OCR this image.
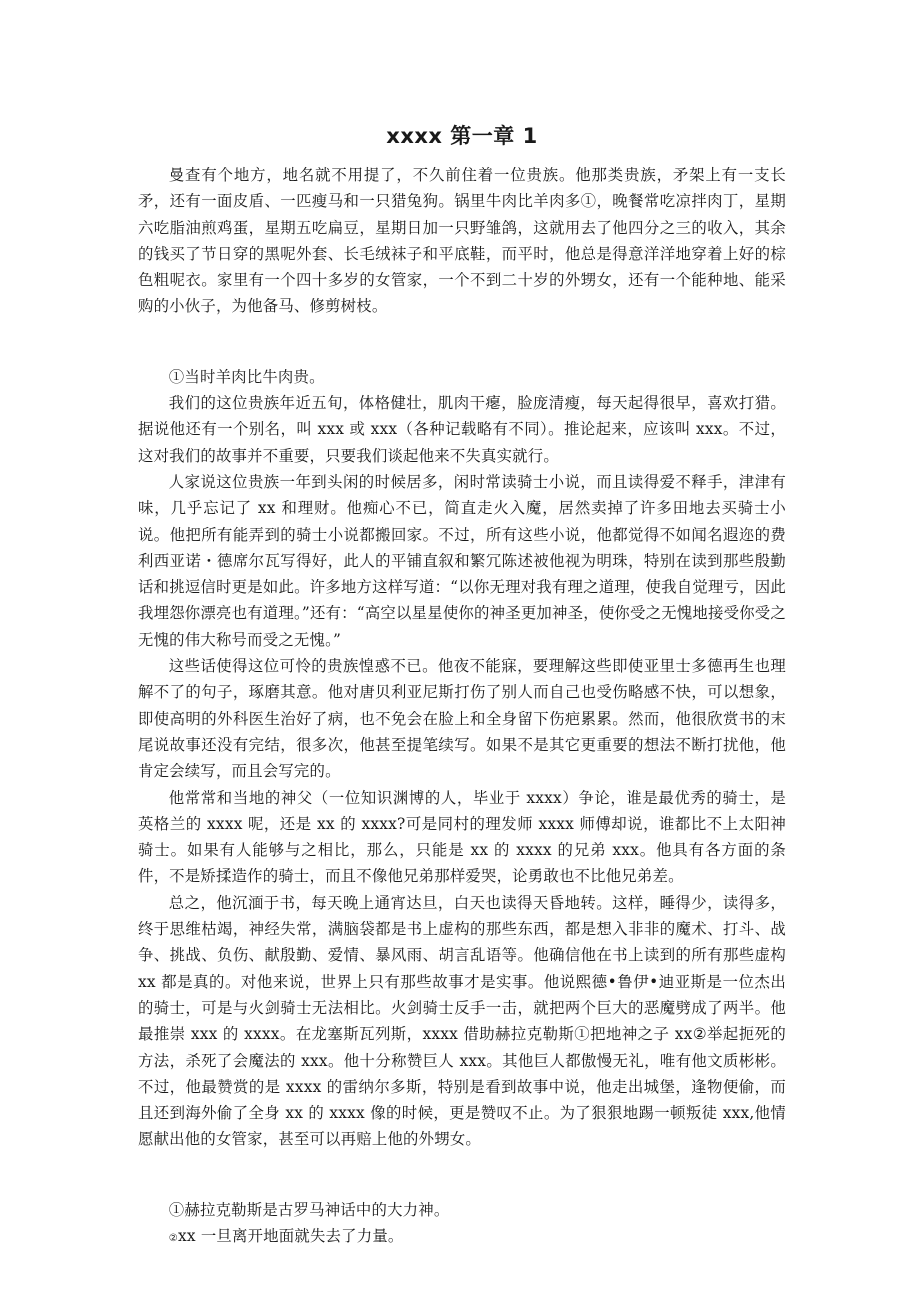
xxxx 第一章 1

曼查有个地方，地名就不用提了，不久前住着一位贵族。他那类贵族，矛架上有一支长矛，还有一面皮盾、一匹瘦马和一只猎兔狗。锅里牛肉比羊肉多①，晚餐常吃凉拌肉丁，星期六吃脂油煎鸡蛋，星期五吃扁豆，星期日加一只野雏鸽，这就用去了他四分之三的收入，其余的钱买了节日穿的黑呢外套、长毛绒袜子和平底鞋，而平时，他总是得意洋洋地穿着上好的棕色粗呢衣。家里有一个四十多岁的女管家，一个不到二十岁的外甥女，还有一个能种地、能采购的小伙子，为他备马、修剪树枝。

①当时羊肉比牛肉贵。

我们的这位贵族年近五旬，体格健壮，肌肉干瘪，脸庞清瘦，每天起得很早，喜欢打猎。据说他还有一个别名，叫 xxx 或 xxx（各种记载略有不同）。推论起来，应该叫 xxx。不过，这对我们的故事并不重要，只要我们谈起他来不失真实就行。

人家说这位贵族一年到头闲的时候居多，闲时常读骑士小说，而且读得爱不释手，津津有味，几乎忘记了 xx 和理财。他痴心不已，简直走火入魔，居然卖掉了许多田地去买骑士小说。他把所有能弄到的骑士小说都搬回家。不过，所有这些小说，他都觉得不如闻名遐迩的费利西亚诺・德席尔瓦写得好，此人的平铺直叙和繁冗陈述被他视为明珠，特别在读到那些殷勤话和挑逗信时更是如此。许多地方这样写道：“以你无理对我有理之道理，使我自觉理亏，因此我埋怨你漂亮也有道理。”还有：“高空以星星使你的神圣更加神圣，使你受之无愧地接受你受之无愧的伟大称号而受之无愧。”

这些话使得这位可怜的贵族惶惑不已。他夜不能寐，要理解这些即使亚里士多德再生也理解不了的句子，琢磨其意。他对唐贝利亚尼斯打伤了别人而自己也受伤略感不快，可以想象，即使高明的外科医生治好了病，也不免会在脸上和全身留下伤疤累累。然而，他很欣赏书的末尾说故事还没有完结，很多次，他甚至提笔续写。如果不是其它更重要的想法不断打扰他，他肯定会续写，而且会写完的。

他常常和当地的神父（一位知识渊博的人，毕业于 xxxx）争论，谁是最优秀的骑士，是英格兰的 xxxx 呢，还是 xx 的 xxxx?可是同村的理发师 xxxx 师傅却说，谁都比不上太阳神骑士。如果有人能够与之相比，那么，只能是 xx 的 xxxx 的兄弟 xxx。他具有各方面的条件，不是矫揉造作的骑士，而且不像他兄弟那样爱哭，论勇敢也不比他兄弟差。

总之，他沉湎于书，每天晚上通宵达旦，白天也读得天昏地转。这样，睡得少，读得多，终于思维枯竭，神经失常，满脑袋都是书上虚构的那些东西，都是想入非非的魔术、打斗、战争、挑战、负伤、献殷勤、爱情、暴风雨、胡言乱语等。他确信他在书上读到的所有那些虚构 xx 都是真的。对他来说，世界上只有那些故事才是实事。他说熙德•鲁伊•迪亚斯是一位杰出的骑士，可是与火剑骑士无法相比。火剑骑士反手一击，就把两个巨大的恶魔劈成了两半。他最推崇 xxx 的 xxxx。在龙塞斯瓦列斯，xxxx 借助赫拉克勒斯①把地神之子 xx②举起扼死的方法，杀死了会魔法的 xxx。他十分称赞巨人 xxx。其他巨人都傲慢无礼，唯有他文质彬彬。不过，他最赞赏的是 xxxx 的雷纳尔多斯，特别是看到故事中说，他走出城堡，逢物便偷，而且还到海外偷了全身 xx 的 xxxx 像的时候，更是赞叹不止。为了狠狠地踢一顿叛徒 xxx,他情愿献出他的女管家，甚至可以再赔上他的外甥女。

①赫拉克勒斯是古罗马神话中的大力神。

②xx 一旦离开地面就失去了力量。
